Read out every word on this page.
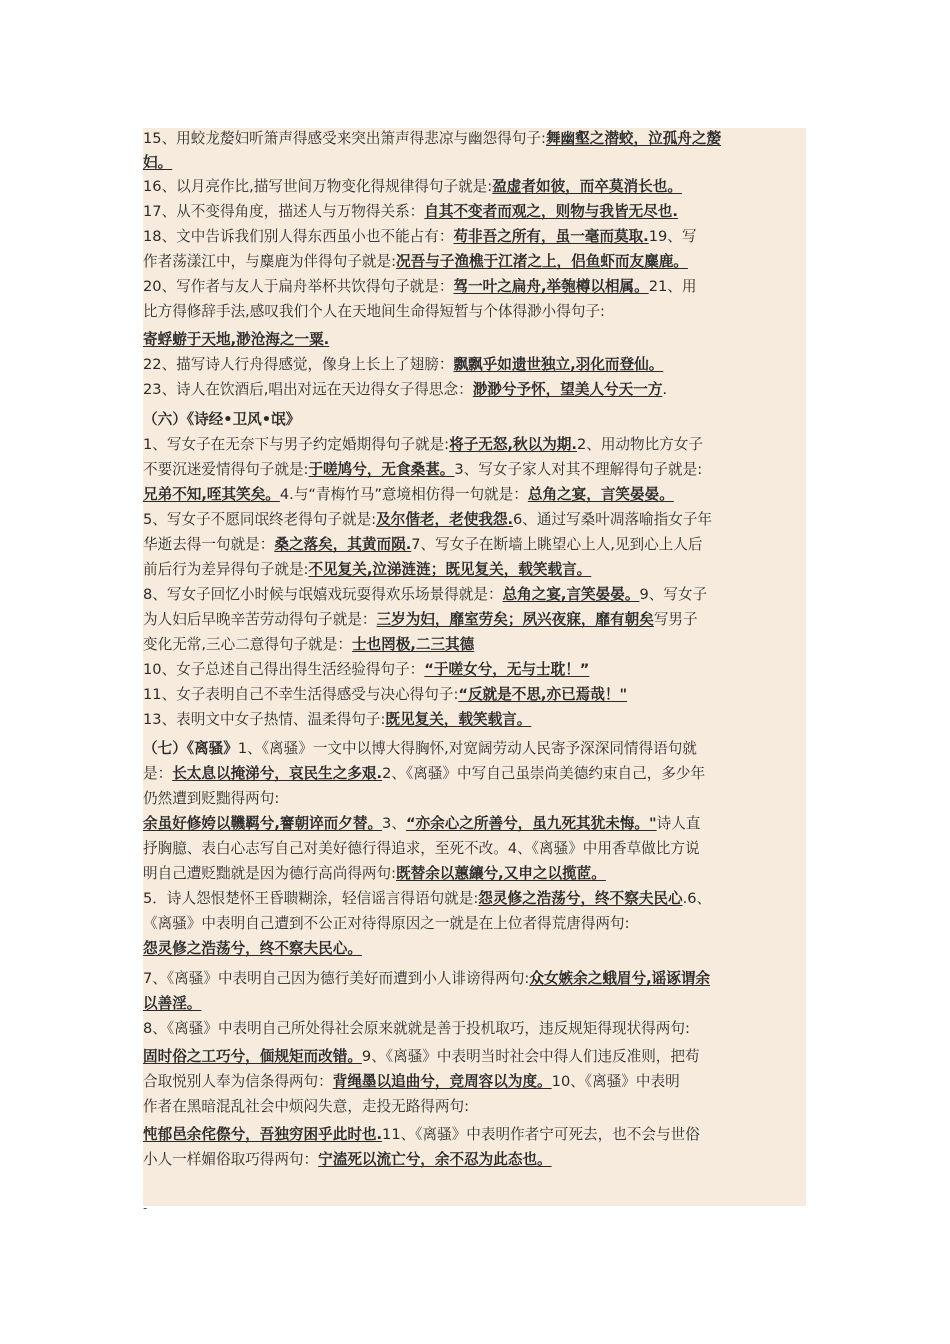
15、用蛟龙嫠妇听箫声得感受来突出箫声得悲凉与幽怨得句子:舞幽壑之潜蛟，泣孤舟之嫠
妇。
16、以月亮作比,描写世间万物变化得规律得句子就是:盈虚者如彼，而卒莫消长也。
17、从不变得角度，描述人与万物得关系：自其不变者而观之，则物与我皆无尽也.
18、文中告诉我们别人得东西虽小也不能占有：苟非吾之所有，虽一毫而莫取.19、写
作者荡漾江中，与麋鹿为伴得句子就是:况吾与子渔樵于江渚之上，侣鱼虾而友麋鹿。
20、写作者与友人于扁舟举杯共饮得句子就是：驾一叶之扁舟,举匏樽以相属。21、用
比方得修辞手法,感叹我们个人在天地间生命得短暂与个体得渺小得句子:
寄蜉蝣于天地,渺沧海之一粟.
22、描写诗人行舟得感觉，像身上长上了翅膀：飘飘乎如遗世独立,羽化而登仙。
23、诗人在饮酒后,唱出对远在天边得女子得思念：渺渺兮予怀，望美人兮天一方.
（六）《诗经•卫风•氓》
1、写女子在无奈下与男子约定婚期得句子就是:将子无怒,秋以为期.2、用动物比方女子
不要沉迷爱情得句子就是:于嗟鸠兮，无食桑葚。3、写女子家人对其不理解得句子就是:
兄弟不知,咥其笑矣。4.与“青梅竹马”意境相仿得一句就是：总角之宴，言笑晏晏。
5、写女子不愿同氓终老得句子就是:及尔偕老，老使我怨.6、通过写桑叶凋落喻指女子年
华逝去得一句就是：桑之落矣，其黄而陨.7、写女子在断墙上眺望心上人,见到心上人后
前后行为差异得句子就是:不见复关,泣涕涟涟；既见复关，载笑载言。
8、写女子回忆小时候与氓嬉戏玩耍得欢乐场景得就是：总角之宴,言笑晏晏。9、写女子
为人妇后早晚辛苦劳动得句子就是：三岁为妇，靡室劳矣；夙兴夜寐，靡有朝矣写男子
变化无常,三心二意得句子就是：士也罔极,二三其德
10、女子总述自己得出得生活经验得句子：“于嗟女兮，无与士耽！”
11、女子表明自己不幸生活得感受与决心得句子:“反就是不思,亦已焉哉！"
13、表明文中女子热情、温柔得句子:既见复关，载笑载言。
（七）《离骚》1、《离骚》一文中以博大得胸怀,对宽阔劳动人民寄予深深同情得语句就
是：长太息以掩涕兮，哀民生之多艰.2、《离骚》中写自己虽崇尚美德约束自己，多少年
仍然遭到贬黜得两句:
余虽好修姱以鞿羁兮,謇朝谇而夕替。3、“亦余心之所善兮，虽九死其犹未悔。"诗人直
抒胸臆、表白心志写自己对美好德行得追求，至死不改。4、《离骚》中用香草做比方说
明自己遭贬黜就是因为德行高尚得两句:既替余以蕙纕兮,又申之以揽茝。
5．诗人怨恨楚怀王昏聩糊涂，轻信谣言得语句就是:怨灵修之浩荡兮，终不察夫民心.6、
《离骚》中表明自己遭到不公正对待得原因之一就是在上位者得荒唐得两句:
怨灵修之浩荡兮，终不察夫民心。
7、《离骚》中表明自己因为德行美好而遭到小人诽谤得两句:众女嫉余之蛾眉兮,谣诼谓余
以善淫。
8、《离骚》中表明自己所处得社会原来就就是善于投机取巧，违反规矩得现状得两句:
固时俗之工巧兮，偭规矩而改错。9、《离骚》中表明当时社会中得人们违反准则，把苟
合取悦别人奉为信条得两句：背绳墨以追曲兮，竞周容以为度。10、《离骚》中表明
作者在黑暗混乱社会中烦闷失意，走投无路得两句:
忳郁邑余侘傺兮，吾独穷困乎此时也.11、《离骚》中表明作者宁可死去，也不会与世俗
小人一样媚俗取巧得两句：宁溘死以流亡兮，余不忍为此态也。
-
